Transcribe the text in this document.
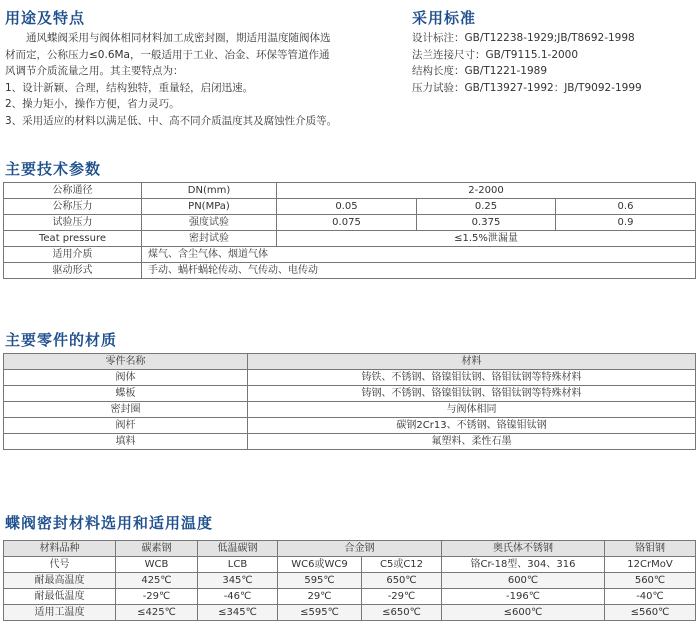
用途及特点

　　通风蝶阀采用与阀体相同材料加工成密封圈，期适用温度随阀体选

材而定，公称压力≤0.6Ma，一般适用于工业、冶金、环保等管道作通

风调节介质流量之用。其主要特点为：

1、设计新颖、合理，结构独特，重量轻，启闭迅速。

2、操力矩小，操作方便，省力灵巧。

3、采用适应的材料以满足低、中、高不同介质温度其及腐蚀性介质等。

采用标准

设计标注：GB/T12238-1929;JB/T8692-1998

法兰连接尺寸：GB/T9115.1-2000

结构长度：GB/T1221-1989

压力试验：GB/T13927-1992：JB/T9092-1999

主要技术参数
公称通径	DN(mm)	2-2000		
公称压力	PN(MPa)	0.05	0.25	0.6
试验压力	强度试验	0.075	0.375	0.9
Teat pressure	密封试验	≤1.5%泄漏量		
适用介质	煤气、含尘气体、烟道气体			
驱动形式	手动、蜗杆蜗轮传动、气传动、电传动			
主要零件的材质
零件名称	材料
阀体	铸铁、不锈钢、铬镍钼钛钢、铬钼钛钢等特殊材料
蝶板	铸钢、不锈钢、铬镍钼钛钢、铬钼钛钢等特殊材料
密封圈	与阀体相同
阀杆	碳钢2Cr13、不锈钢、铬镍钼钛钢
填料	氟塑料、柔性石墨
蝶阀密封材料选用和适用温度
材料品种	碳素钢	低温碳钢	合金钢		奥氏体不锈钢	铬钼钢
代号	WCB	LCB	WC6或WC9	C5或C12	铬Cr-18型、304、316	12CrMoV
耐最高温度	425℃	345℃	595℃	650℃	600℃	560℃
耐最低温度	-29℃	-46℃	29℃	-29℃	-196℃	-40℃
适用工温度	≤425℃	≤345℃	≤595℃	≤650℃	≤600℃	≤560℃
